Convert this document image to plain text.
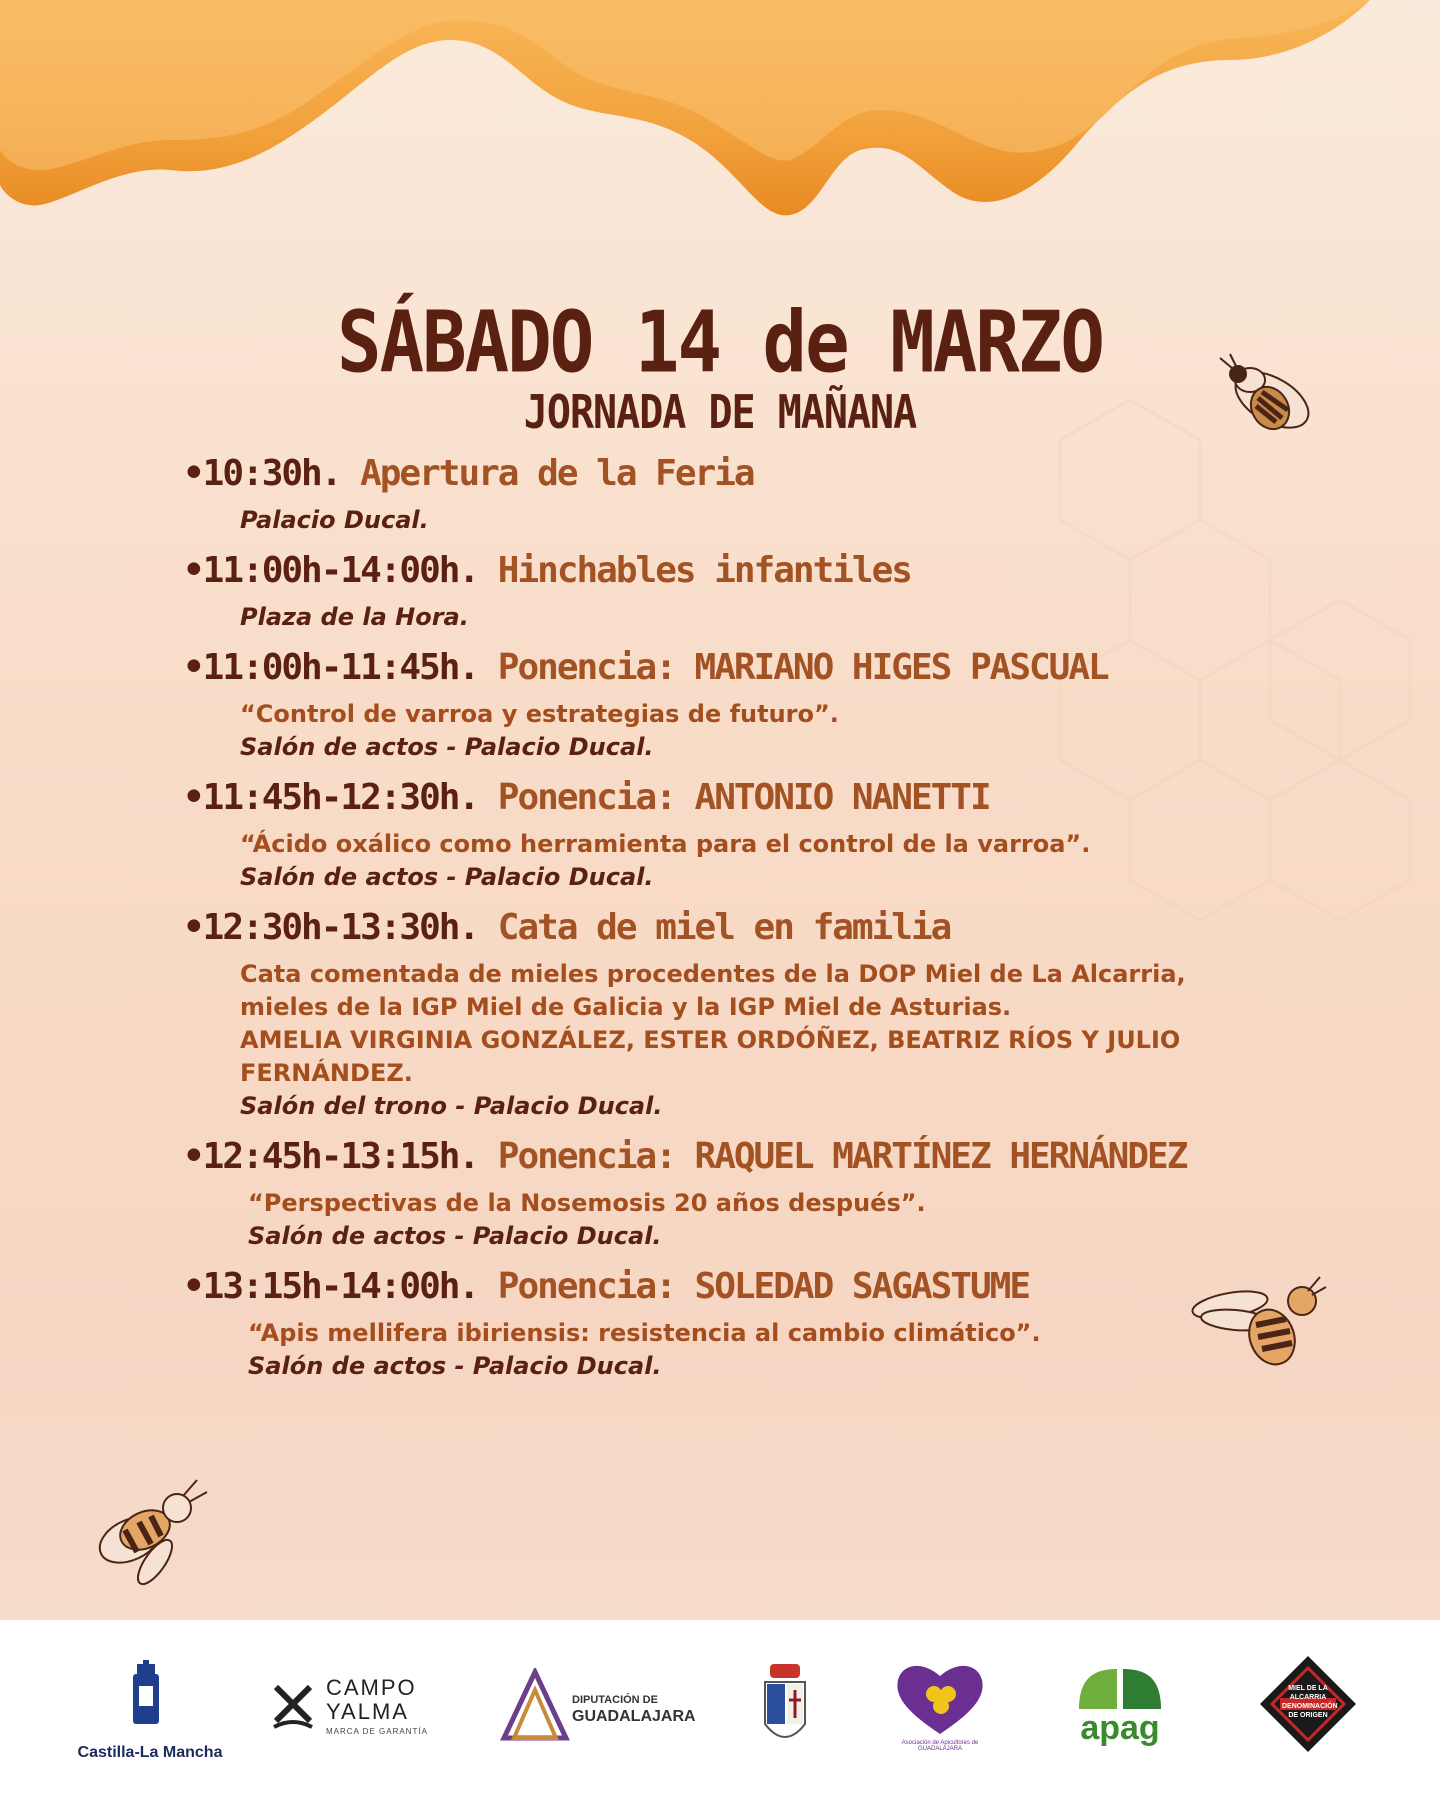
SÁBADO 14 de MARZO
JORNADA DE MAÑANA
•10:30h. Apertura de la Feria

Palacio Ducal.

•11:00h-14:00h. Hinchables infantiles

Plaza de la Hora.

•11:00h-11:45h. Ponencia: MARIANO HIGES PASCUAL

“Control de varroa y estrategias de futuro”.

Salón de actos - Palacio Ducal.

•11:45h-12:30h. Ponencia: ANTONIO NANETTI

“Ácido oxálico como herramienta para el control de la varroa”.

Salón de actos - Palacio Ducal.

•12:30h-13:30h. Cata de miel en familia

Cata comentada de mieles procedentes de la DOP Miel de La Alcarria,

mieles de la IGP Miel de Galicia y la IGP Miel de Asturias.

AMELIA VIRGINIA GONZÁLEZ, ESTER ORDÓÑEZ, BEATRIZ RÍOS Y JULIO

FERNÁNDEZ.

Salón del trono - Palacio Ducal.

•12:45h-13:15h. Ponencia: RAQUEL MARTÍNEZ HERNÁNDEZ

“Perspectivas de la Nosemosis 20 años después”.

Salón de actos - Palacio Ducal.

•13:15h-14:00h. Ponencia: SOLEDAD SAGASTUME

“Apis mellifera ibiriensis: resistencia al cambio climático”.

Salón de actos - Palacio Ducal.

Castilla-La Mancha
CAMPO
YALMA
MARCA DE GARANTÍA
DIPUTACIÓN DE
GUADALAJARA
Asociación de Apicultores de GUADALAJARA
apag
MIEL DE LA ALCARRIA DENOMINACIÓN DE ORIGEN
